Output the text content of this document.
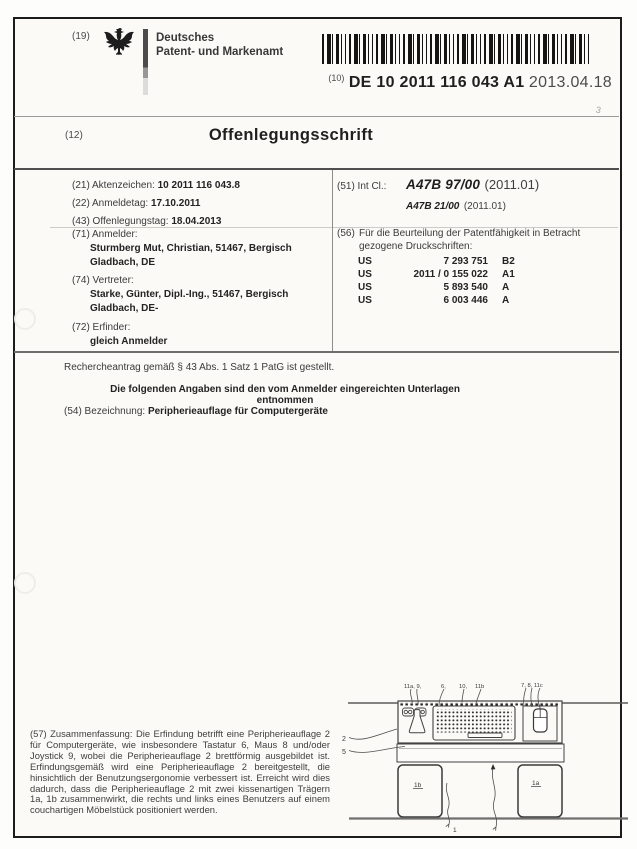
3
(19)	Deutsches
Patent- und Markenamt
$^{(10)}$ DE 10 2011 116 043 A1 2013.04.18
(12)	Offenlegungsschrift
(21) Aktenzeichen: 10 2011 116 043.8
(22) Anmeldetag: 17.10.2011
(43) Offenlegungstag: 18.04.2013
(51) Int Cl.: A47B 97/00 (2011.01)
A47B 21/00 (2011.01)
(71) Anmelder:
Sturmberg Mut, Christian, 51467, Bergisch Gladbach, DE
(74) Vertreter:
Starke, Günter, Dipl.-Ing., 51467, Bergisch Gladbach, DE-
(72) Erfinder:
gleich Anmelder
(56) Für die Beurteilung der Patentfähigkeit in Betracht gezogene Druckschriften:
US	7 293 751	B2
US	2011 / 0 155 022	A1
US	5 893 540	A
US	6 003 446	A
Rechercheantrag gemäß § 43 Abs. 1 Satz 1 PatG ist gestellt.
Die folgenden Angaben sind den vom Anmelder eingereichten Unterlagen entnommen
(54) Bezeichnung: Peripherieauflage für Computergeräte
(57) Zusammenfassung: Die Erfindung betrifft eine Peripherieauflage 2 für Computergeräte, wie insbesondere Tastatur 6, Maus 8 und/oder Joystick 9, wobei die Peripherieauflage 2 brettförmig ausgebildet ist. Erfindungsgemäß wird eine Peripherieauflage 2 bereitgestellt, die hinsichtlich der Benutzungsergonomie verbessert ist. Erreicht wird dies dadurch, dass die Peripherieauflage 2 mit zwei kissenartigen Trägern 1a, 1b zusammenwirkt, die rechts und links eines Benutzers auf einem couchartigen Möbelstück positioniert werden.
2
5
11a, 9,	6, 10, 11b	7, 8, 11c
1b	1a
1
